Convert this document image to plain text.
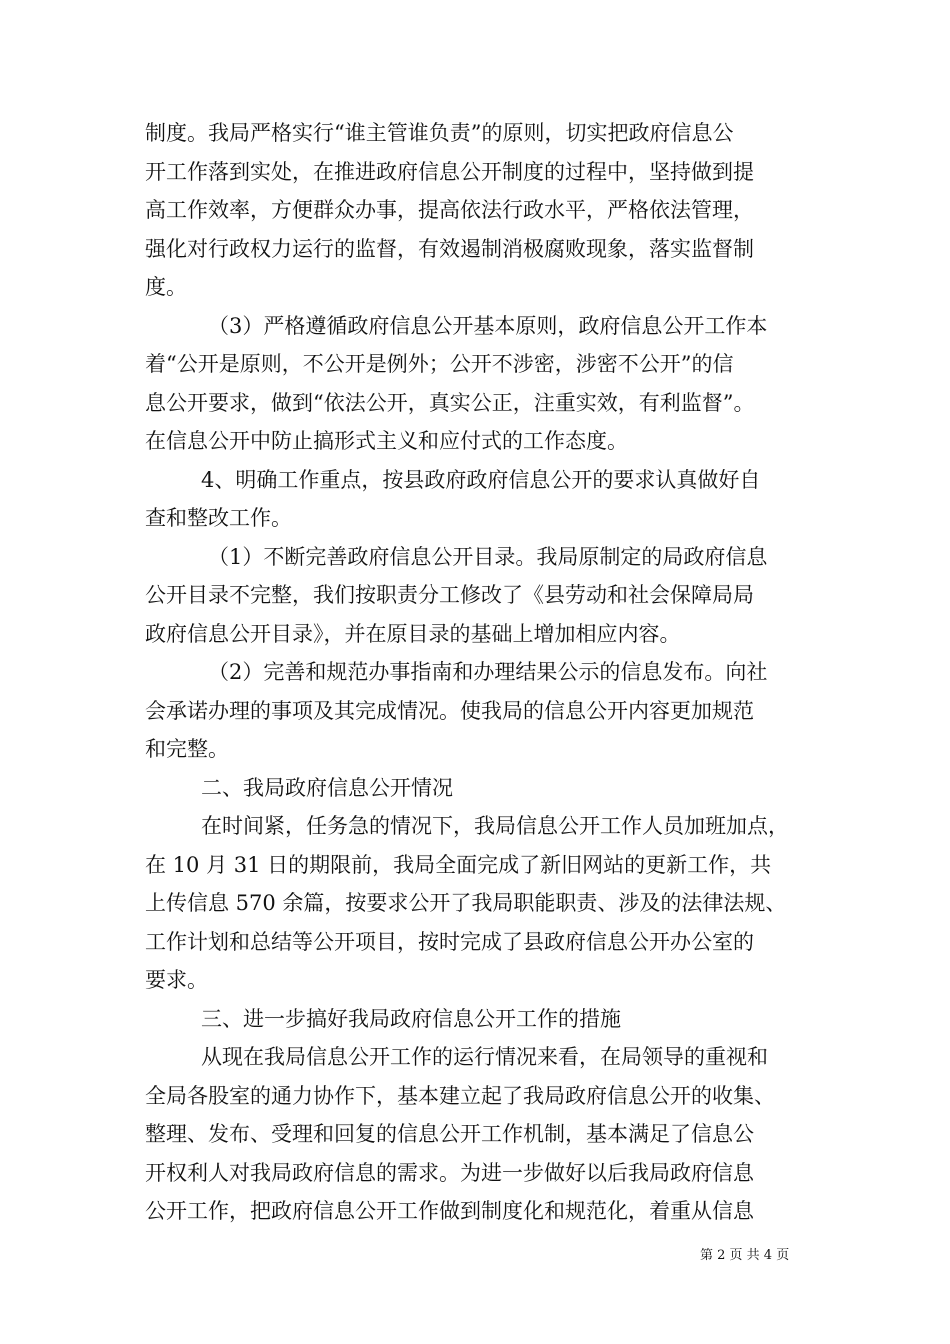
制度。我局严格实行“谁主管谁负责”的原则，切实把政府信息公
开工作落到实处，在推进政府信息公开制度的过程中，坚持做到提
高工作效率，方便群众办事，提高依法行政水平，严格依法管理，
强化对行政权力运行的监督，有效遏制消极腐败现象，落实监督制
度。
（3）严格遵循政府信息公开基本原则，政府信息公开工作本
着“公开是原则，不公开是例外；公开不涉密，涉密不公开”的信
息公开要求，做到“依法公开，真实公正，注重实效，有利监督”。
在信息公开中防止搞形式主义和应付式的工作态度。
4、明确工作重点，按县政府政府信息公开的要求认真做好自
查和整改工作。
（1）不断完善政府信息公开目录。我局原制定的局政府信息
公开目录不完整，我们按职责分工修改了《县劳动和社会保障局局
政府信息公开目录》，并在原目录的基础上增加相应内容。
（2）完善和规范办事指南和办理结果公示的信息发布。向社
会承诺办理的事项及其完成情况。使我局的信息公开内容更加规范
和完整。
二、我局政府信息公开情况
在时间紧，任务急的情况下，我局信息公开工作人员加班加点，
在 10 月 31 日的期限前，我局全面完成了新旧网站的更新工作，共
上传信息 570 余篇，按要求公开了我局职能职责、涉及的法律法规、
工作计划和总结等公开项目，按时完成了县政府信息公开办公室的
要求。
三、进一步搞好我局政府信息公开工作的措施
从现在我局信息公开工作的运行情况来看，在局领导的重视和
全局各股室的通力协作下，基本建立起了我局政府信息公开的收集、
整理、发布、受理和回复的信息公开工作机制，基本满足了信息公
开权利人对我局政府信息的需求。为进一步做好以后我局政府信息
公开工作，把政府信息公开工作做到制度化和规范化，着重从信息
第 2 页 共 4 页
